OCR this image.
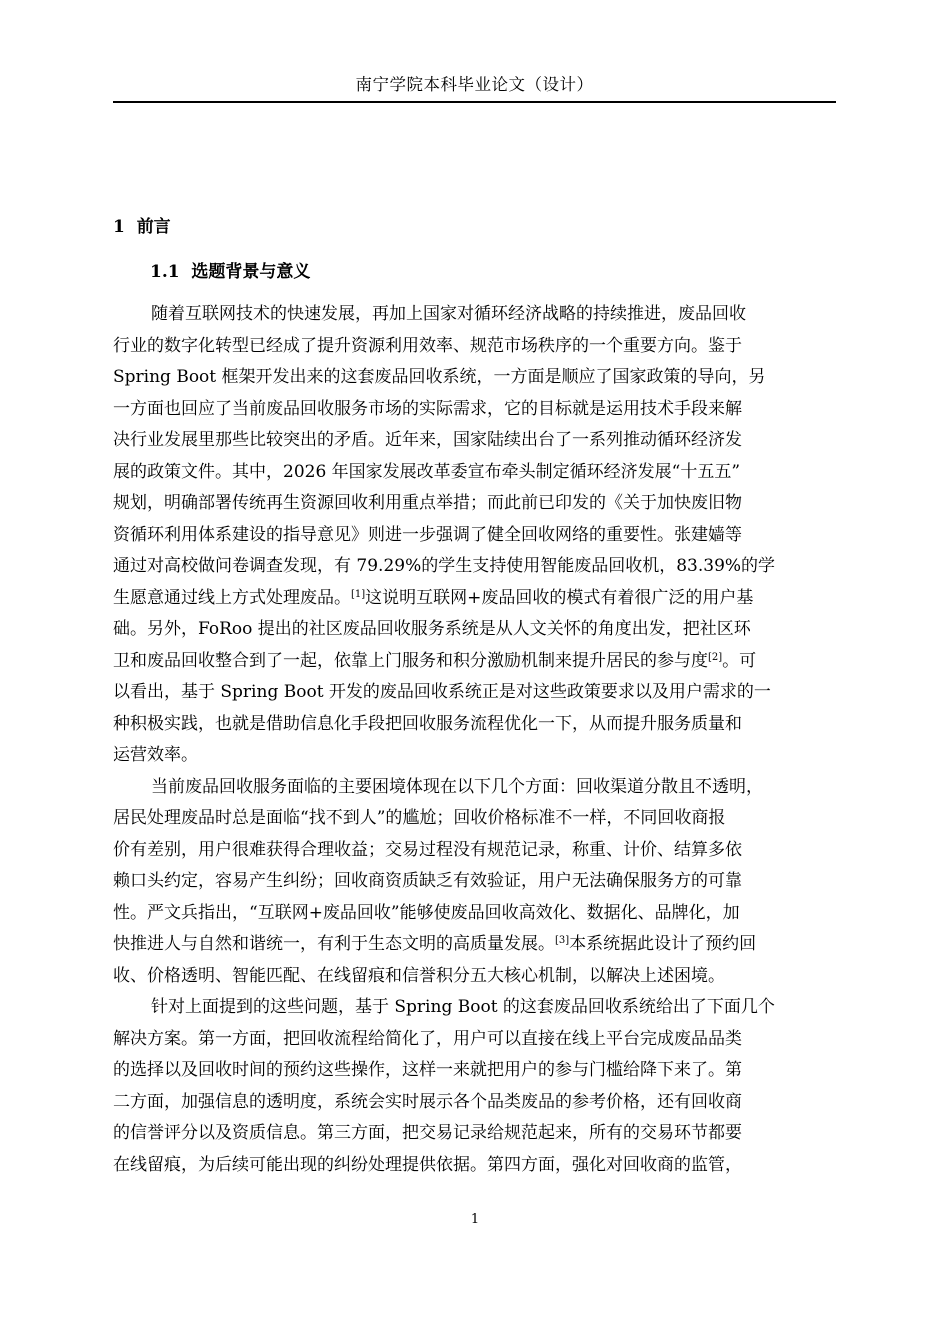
南宁学院本科毕业论文（设计）
1 前言
1.1 选题背景与意义
随着互联网技术的快速发展，再加上国家对循环经济战略的持续推进，废品回收
行业的数字化转型已经成了提升资源利用效率、规范市场秩序的一个重要方向。鉴于
Spring Boot 框架开发出来的这套废品回收系统，一方面是顺应了国家政策的导向，另
一方面也回应了当前废品回收服务市场的实际需求，它的目标就是运用技术手段来解
决行业发展里那些比较突出的矛盾。近年来，国家陆续出台了一系列推动循环经济发
展的政策文件。其中，2026 年国家发展改革委宣布牵头制定循环经济发展“十五五”
规划，明确部署传统再生资源回收利用重点举措；而此前已印发的《关于加快废旧物
资循环利用体系建设的指导意见》则进一步强调了健全回收网络的重要性。张建嫱等
通过对高校做问卷调查发现，有 79.29%的学生支持使用智能废品回收机，83.39%的学
生愿意通过线上方式处理废品。[1]这说明互联网+废品回收的模式有着很广泛的用户基
础。另外，FoRoo 提出的社区废品回收服务系统是从人文关怀的角度出发，把社区环
卫和废品回收整合到了一起，依靠上门服务和积分激励机制来提升居民的参与度[2]。可
以看出，基于 Spring Boot 开发的废品回收系统正是对这些政策要求以及用户需求的一
种积极实践，也就是借助信息化手段把回收服务流程优化一下，从而提升服务质量和
运营效率。
当前废品回收服务面临的主要困境体现在以下几个方面：回收渠道分散且不透明，
居民处理废品时总是面临“找不到人”的尴尬；回收价格标准不一样，不同回收商报
价有差别，用户很难获得合理收益；交易过程没有规范记录，称重、计价、结算多依
赖口头约定，容易产生纠纷；回收商资质缺乏有效验证，用户无法确保服务方的可靠
性。严文兵指出，“互联网+废品回收”能够使废品回收高效化、数据化、品牌化，加
快推进人与自然和谐统一，有利于生态文明的高质量发展。[3]本系统据此设计了预约回
收、价格透明、智能匹配、在线留痕和信誉积分五大核心机制，以解决上述困境。
针对上面提到的这些问题，基于 Spring Boot 的这套废品回收系统给出了下面几个
解决方案。第一方面，把回收流程给简化了，用户可以直接在线上平台完成废品品类
的选择以及回收时间的预约这些操作，这样一来就把用户的参与门槛给降下来了。第
二方面，加强信息的透明度，系统会实时展示各个品类废品的参考价格，还有回收商
的信誉评分以及资质信息。第三方面，把交易记录给规范起来，所有的交易环节都要
在线留痕，为后续可能出现的纠纷处理提供依据。第四方面，强化对回收商的监管，
1
